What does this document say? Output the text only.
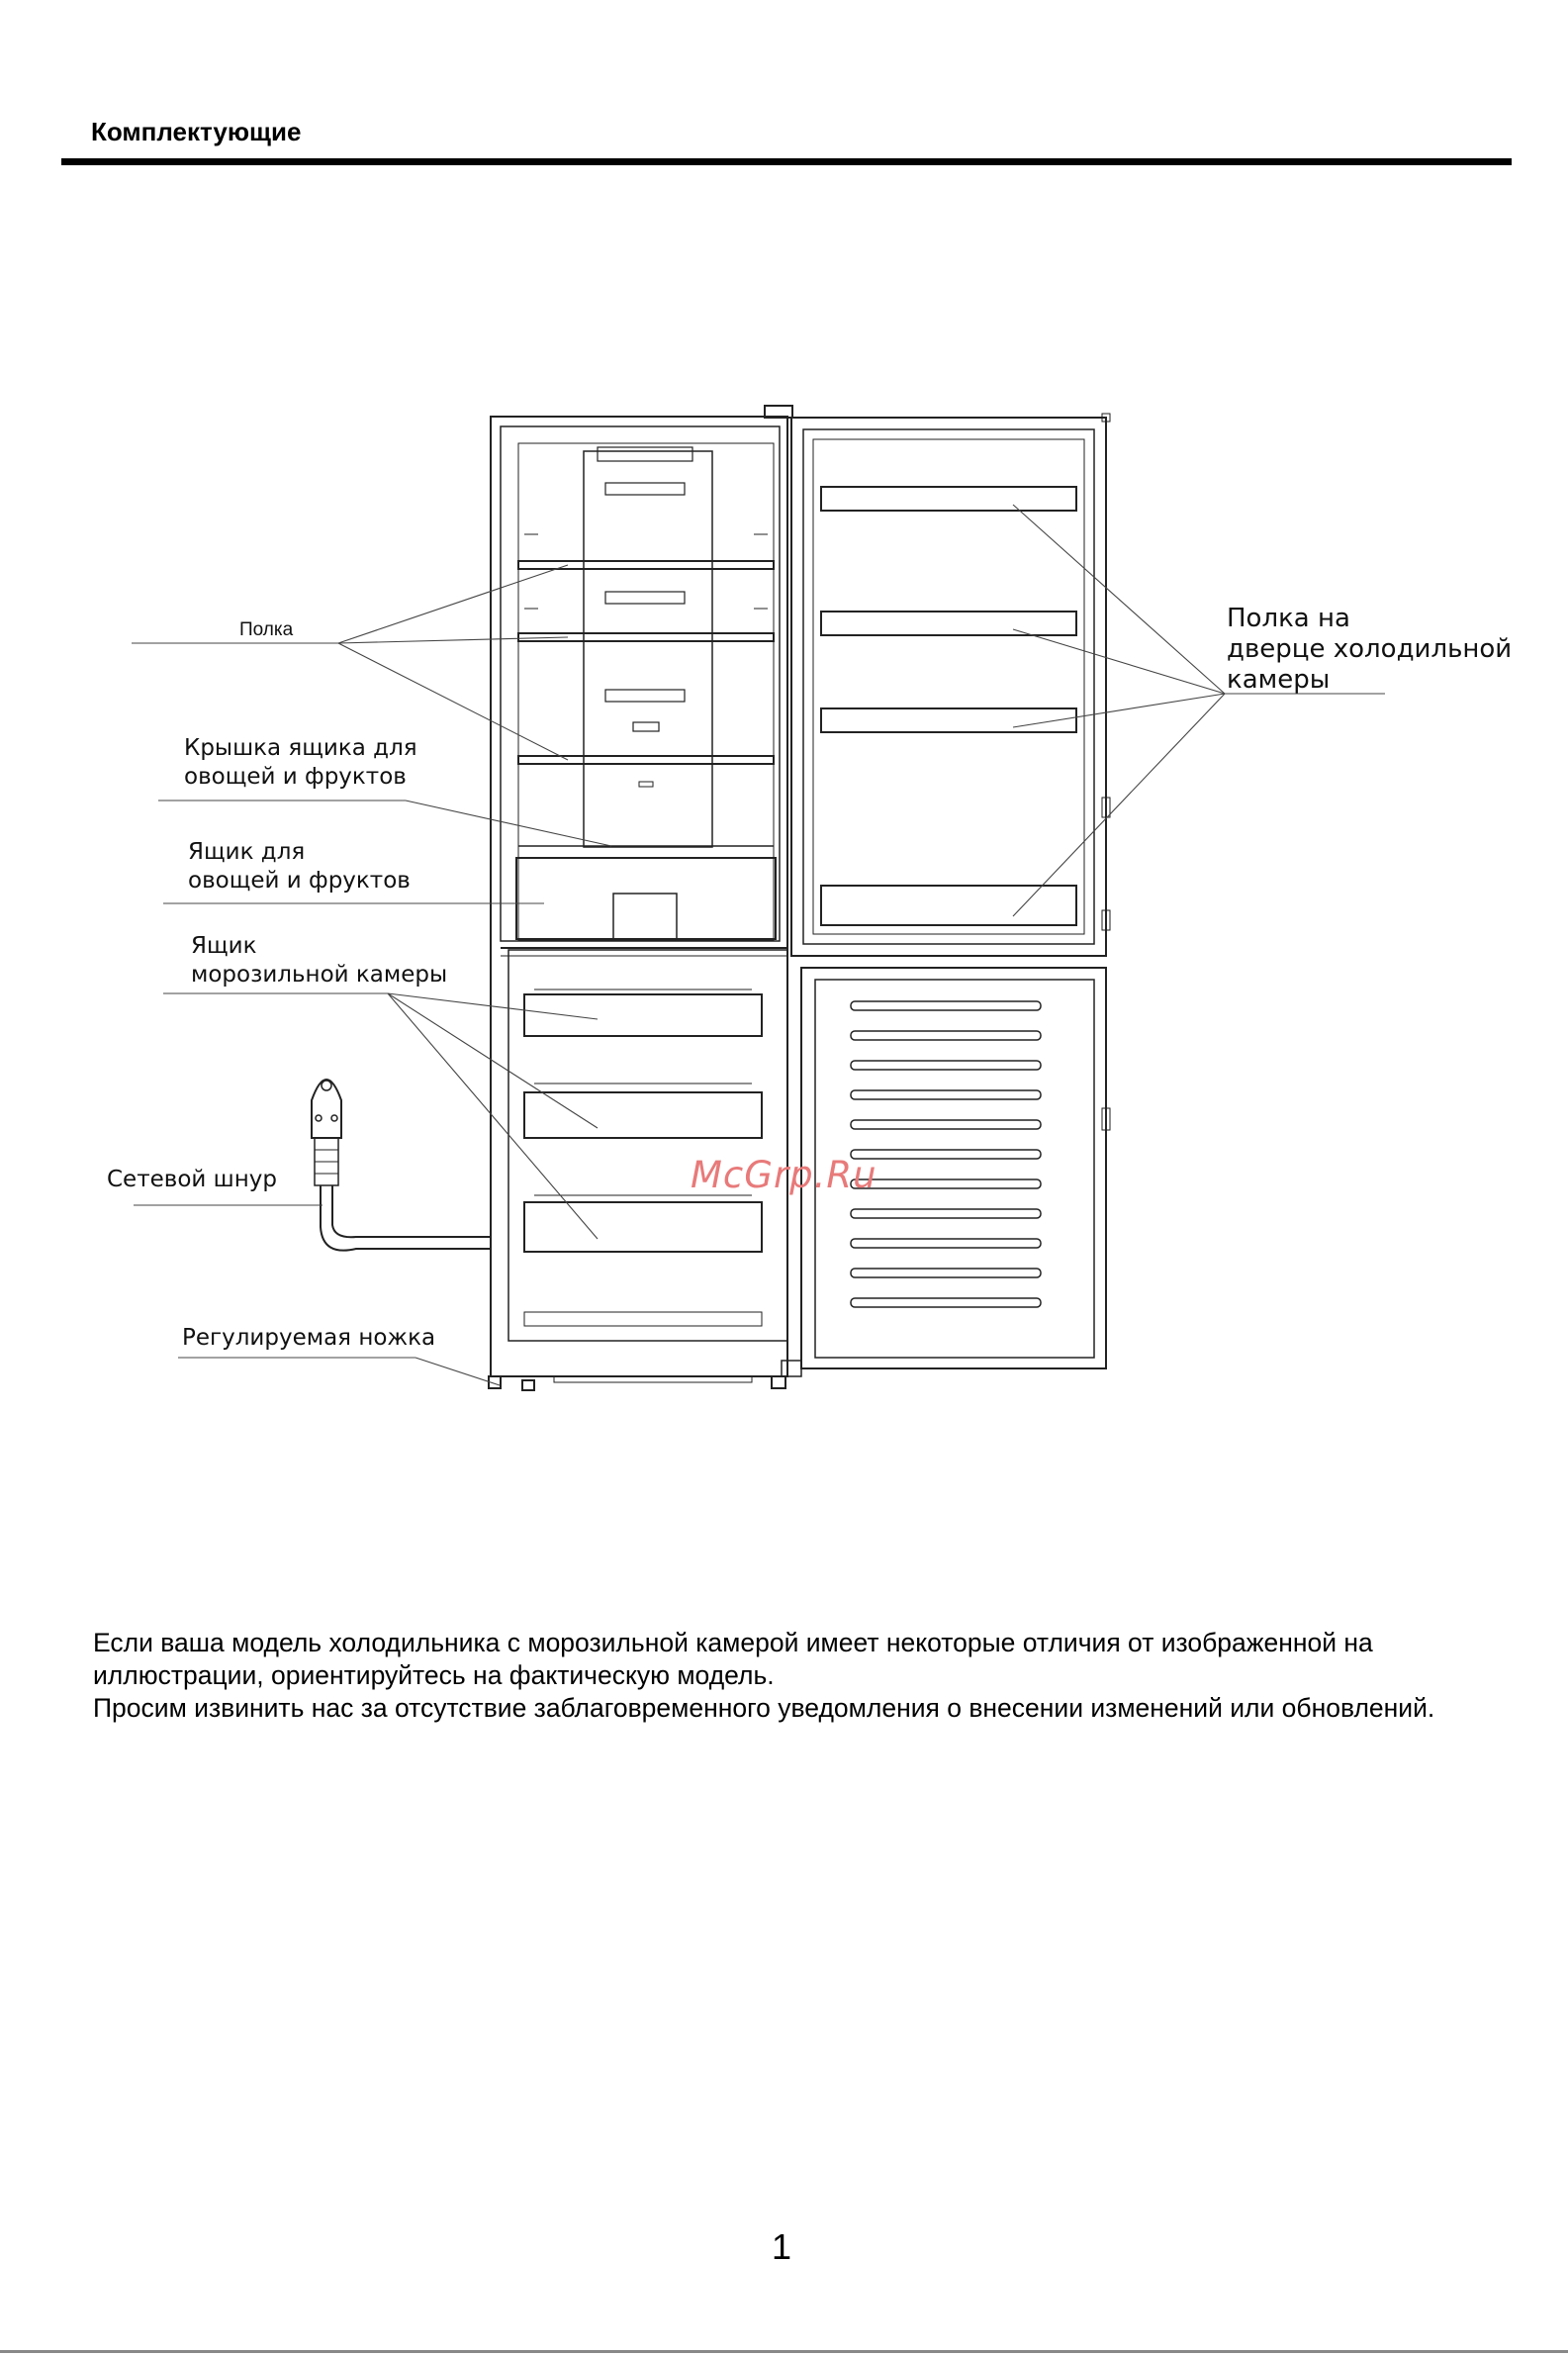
Комплектующие
Полка	Полка на
дверце холодильной
камеры
Крышка ящика для
овощей и фруктов
Ящик для
овощей и фруктов
Ящик
морозильной камеры
Сетевой шнур
Регулируемая ножка
McGrp.Ru

Если ваша модель холодильника с морозильной камерой имеет некоторые отличия от изображенной на иллюстрации, ориентируйтесь на фактическую модель.

Просим извинить нас за отсутствие заблаговременного уведомления о внесении изменений или обновлений.

1
